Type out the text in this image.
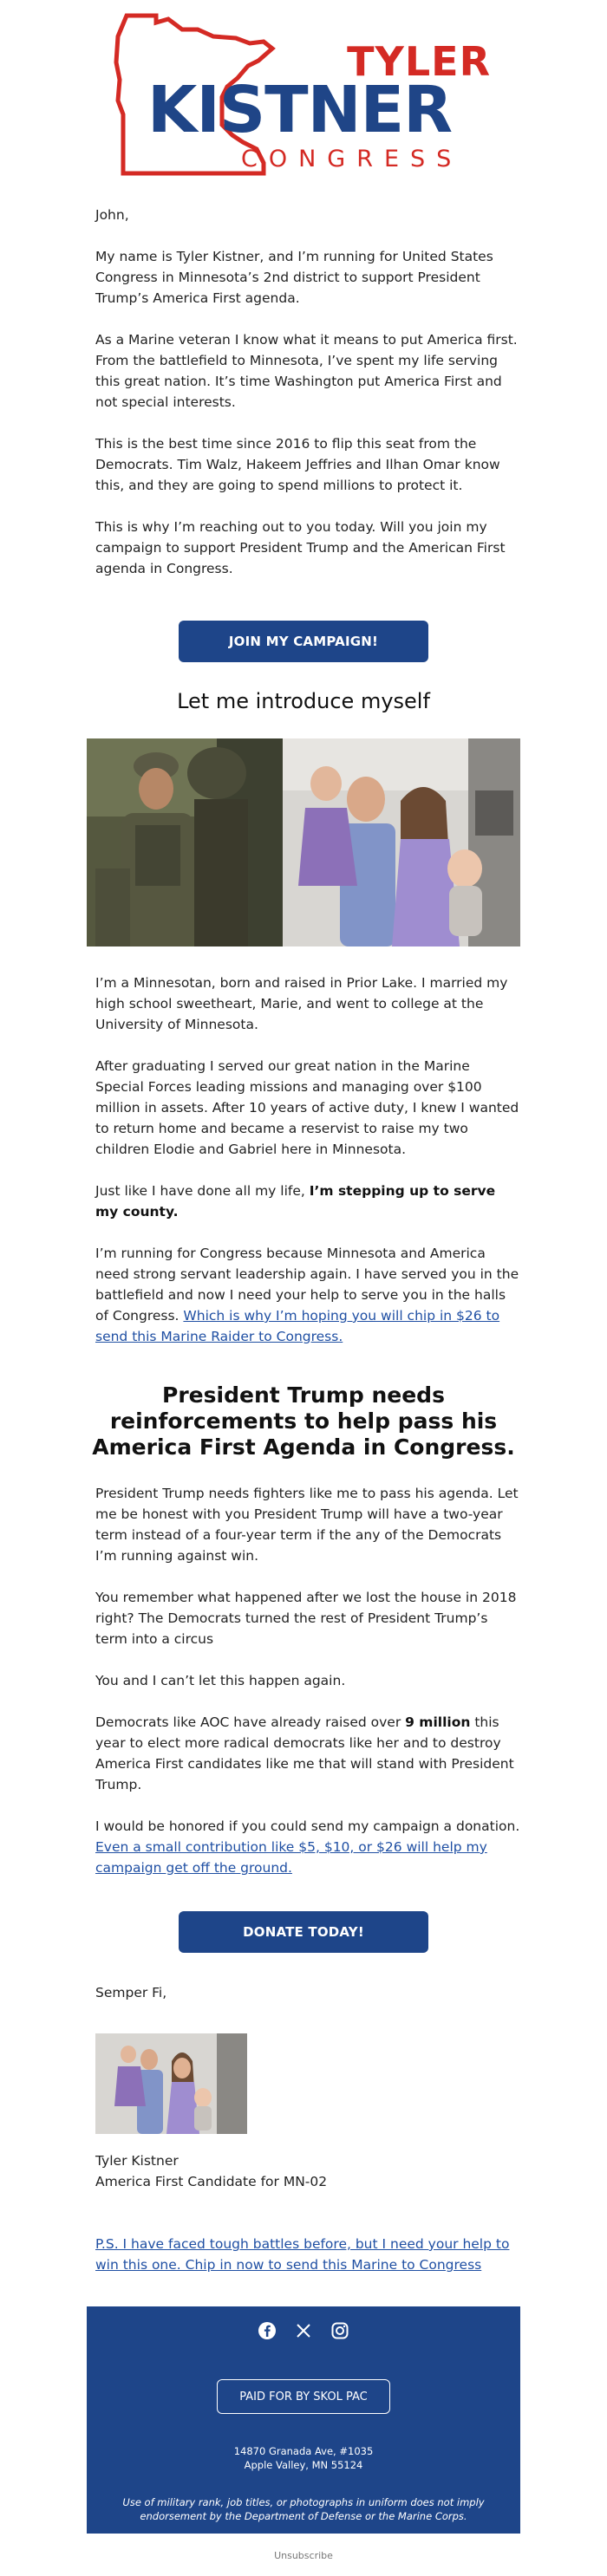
TYLER
KISTNER
CONGRESS
John,
My name is Tyler Kistner, and I’m running for United States Congress in Minnesota’s 2nd district to support President Trump’s America First agenda.
As a Marine veteran I know what it means to put America first. From the battlefield to Minnesota, I’ve spent my life serving this great nation. It’s time Washington put America First and not special interests.
This is the best time since 2016 to flip this seat from the Democrats. Tim Walz, Hakeem Jeffries and Ilhan Omar know this, and they are going to spend millions to protect it.
This is why I’m reaching out to you today. Will you join my campaign to support President Trump and the American First agenda in Congress.
JOIN MY CAMPAIGN!
Let me introduce myself
I’m a Minnesotan, born and raised in Prior Lake. I married my high school sweetheart, Marie, and went to college at the University of Minnesota.
After graduating I served our great nation in the Marine Special Forces leading missions and managing over $100 million in assets. After 10 years of active duty, I knew I wanted to return home and became a reservist to raise my two children Elodie and Gabriel here in Minnesota.
Just like I have done all my life, I’m stepping up to serve my county.
I’m running for Congress because Minnesota and America need strong servant leadership again. I have served you in the battlefield and now I need your help to serve you in the halls of Congress. Which is why I’m hoping you will chip in $26 to send this Marine Raider to Congress.
President Trump needs reinforcements to help pass his America First Agenda in Congress.
President Trump needs fighters like me to pass his agenda. Let me be honest with you President Trump will have a two-year term instead of a four-year term if the any of the Democrats I’m running against win.
You remember what happened after we lost the house in 2018 right? The Democrats turned the rest of President Trump’s term into a circus
You and I can’t let this happen again.
Democrats like AOC have already raised over 9 million this year to elect more radical democrats like her and to destroy America First candidates like me that will stand with President Trump.
I would be honored if you could send my campaign a donation. Even a small contribution like $5, $10, or $26 will help my campaign get off the ground.
DONATE TODAY!
Semper Fi,
Tyler Kistner
America First Candidate for MN-02
P.S. I have faced tough battles before, but I need your help to win this one. Chip in now to send this Marine to Congress
PAID FOR BY SKOL PAC
14870 Granada Ave, #1035
Apple Valley, MN 55124
Use of military rank, job titles, or photographs in uniform does not imply endorsement by the Department of Defense or the Marine Corps.
Unsubscribe
